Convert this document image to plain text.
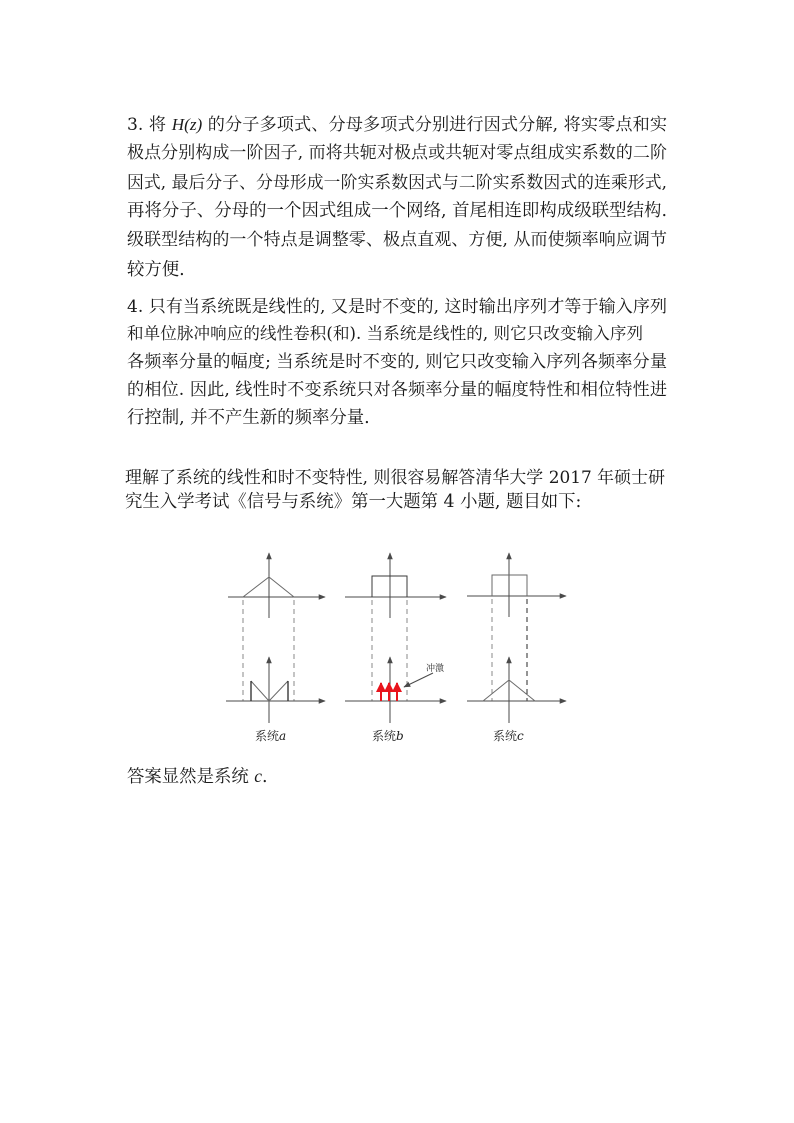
3. 将 H(z) 的分子多项式、分母多项式分别进行因式分解, 将实零点和实
极点分别构成一阶因子, 而将共轭对极点或共轭对零点组成实系数的二阶
因式, 最后分子、分母形成一阶实系数因式与二阶实系数因式的连乘形式,
再将分子、分母的一个因式组成一个网络, 首尾相连即构成级联型结构.
级联型结构的一个特点是调整零、极点直观、方便, 从而使频率响应调节
较方便.
4. 只有当系统既是线性的, 又是时不变的, 这时输出序列才等于输入序列
和单位脉冲响应的线性卷积(和). 当系统是线性的, 则它只改变输入序列
各频率分量的幅度; 当系统是时不变的, 则它只改变输入序列各频率分量
的相位. 因此, 线性时不变系统只对各频率分量的幅度特性和相位特性进
行控制, 并不产生新的频率分量.
理解了系统的线性和时不变特性, 则很容易解答清华大学 2017 年硕士研
究生入学考试《信号与系统》第一大题第 4 小题, 题目如下:
系统a
冲激
系统b	系统c
答案显然是系统 c.
